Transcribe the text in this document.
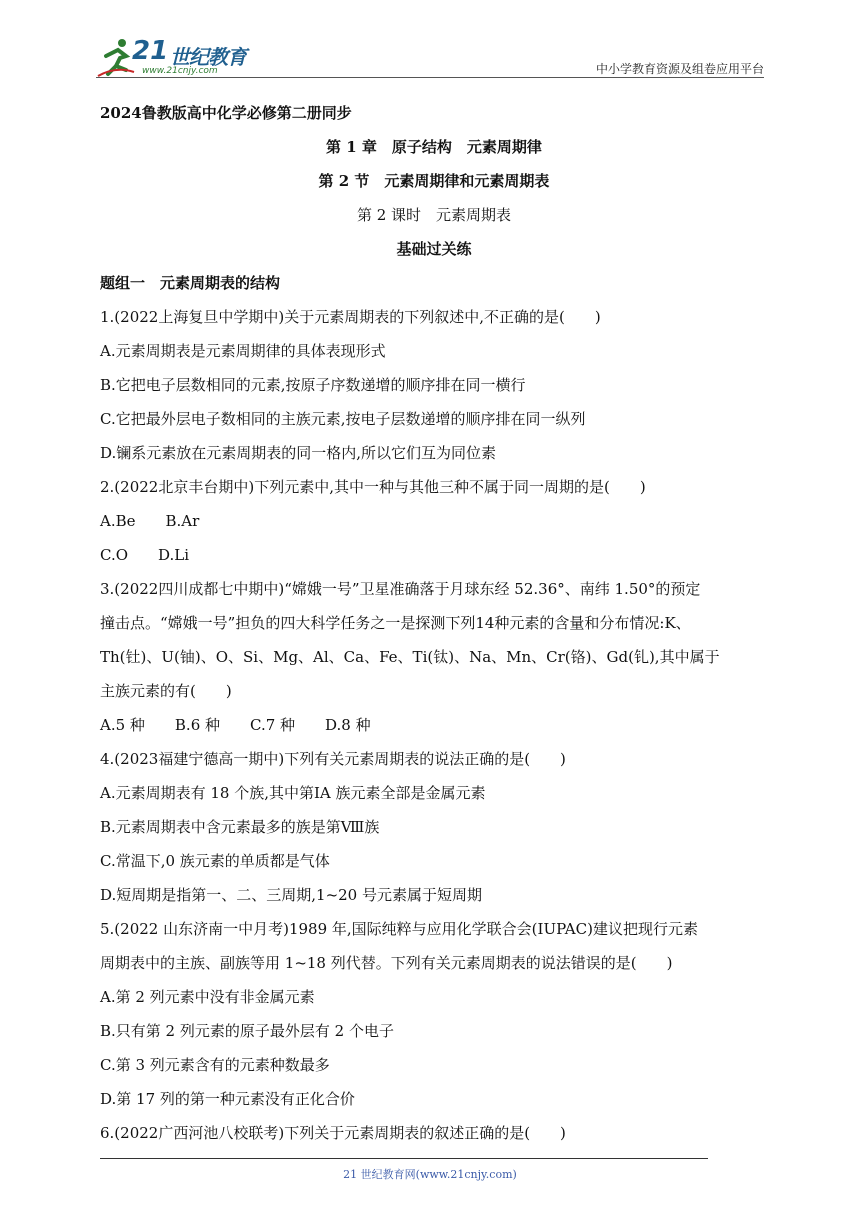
21 世纪教育
www.21cnjy.com	中小学教育资源及组卷应用平台
2024鲁教版高中化学必修第二册同步
第 1 章　原子结构　元素周期律
第 2 节　元素周期律和元素周期表
第 2 课时　元素周期表
基础过关练
题组一　元素周期表的结构
1.(2022上海复旦中学期中)关于元素周期表的下列叙述中,不正确的是(　　)
A.元素周期表是元素周期律的具体表现形式
B.它把电子层数相同的元素,按原子序数递增的顺序排在同一横行
C.它把最外层电子数相同的主族元素,按电子层数递增的顺序排在同一纵列
D.镧系元素放在元素周期表的同一格内,所以它们互为同位素
2.(2022北京丰台期中)下列元素中,其中一种与其他三种不属于同一周期的是(　　)
A.Be　　B.Ar
C.O　　D.Li
3.(2022四川成都七中期中)“嫦娥一号”卫星准确落于月球东经 52.36°、南纬 1.50°的预定
撞击点。“嫦娥一号”担负的四大科学任务之一是探测下列14种元素的含量和分布情况:K、
Th(钍)、U(铀)、O、Si、Mg、Al、Ca、Fe、Ti(钛)、Na、Mn、Cr(铬)、Gd(钆),其中属于
主族元素的有(　　)
A.5 种　　B.6 种　　C.7 种　　D.8 种
4.(2023福建宁德高一期中)下列有关元素周期表的说法正确的是(　　)
A.元素周期表有 18 个族,其中第ⅠA 族元素全部是金属元素
B.元素周期表中含元素最多的族是第Ⅷ族
C.常温下,0 族元素的单质都是气体
D.短周期是指第一、二、三周期,1~20 号元素属于短周期
5.(2022 山东济南一中月考)1989 年,国际纯粹与应用化学联合会(IUPAC)建议把现行元素
周期表中的主族、副族等用 1~18 列代替。下列有关元素周期表的说法错误的是(　　)
A.第 2 列元素中没有非金属元素
B.只有第 2 列元素的原子最外层有 2 个电子
C.第 3 列元素含有的元素种数最多
D.第 17 列的第一种元素没有正化合价
6.(2022广西河池八校联考)下列关于元素周期表的叙述正确的是(　　)
21 世纪教育网(www.21cnjy.com)
